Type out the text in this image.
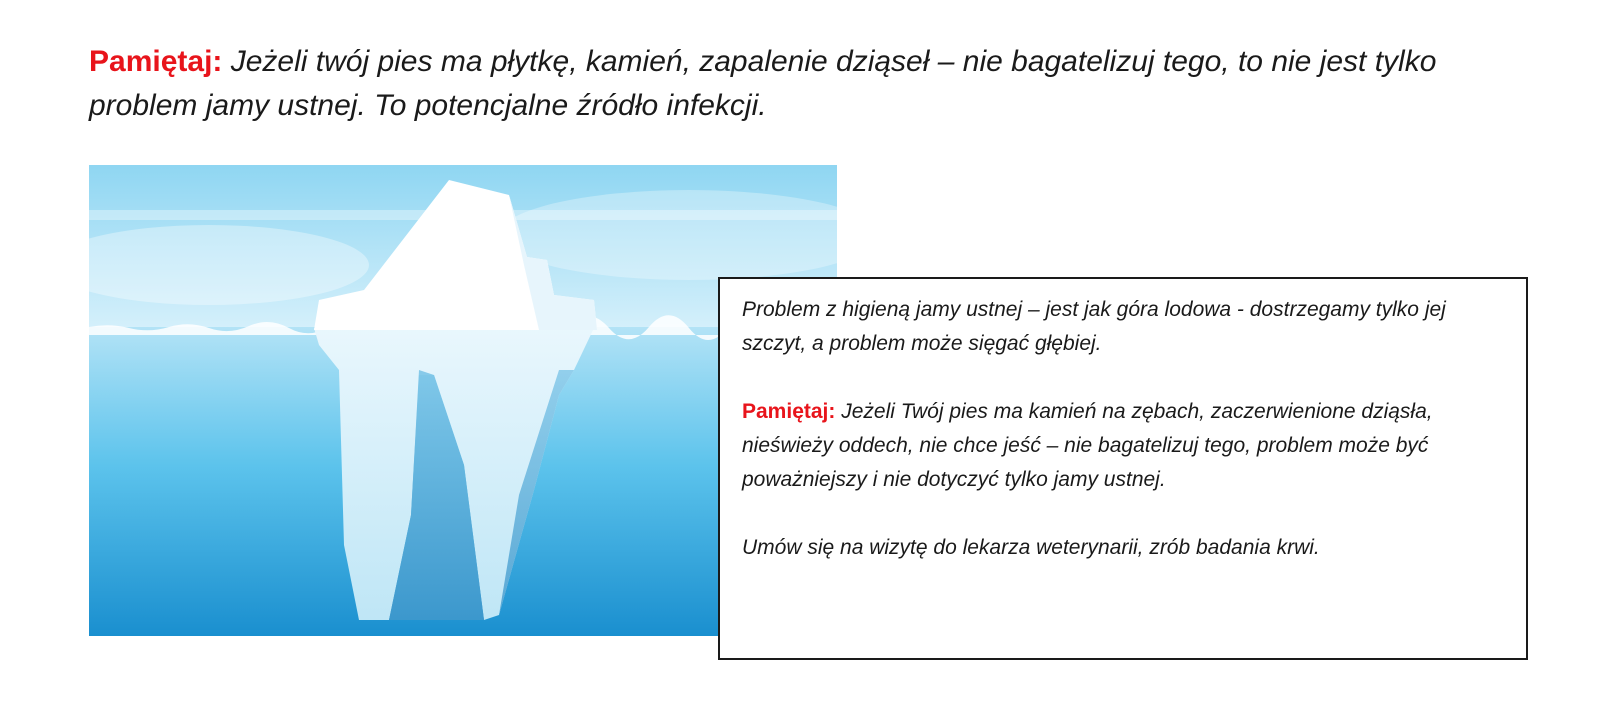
Pamiętaj: Jeżeli twój pies ma płytkę, kamień, zapalenie dziąseł – nie bagatelizuj tego, to nie jest tylko problem jamy ustnej. To potencjalne źródło infekcji.

Problem z higieną jamy ustnej – jest jak góra lodowa - dostrzegamy tylko jej szczyt, a problem może sięgać głębiej.

Pamiętaj: Jeżeli Twój pies ma kamień na zębach, zaczerwienione dziąsła, nieświeży oddech, nie chce jeść – nie bagatelizuj tego, problem może być poważniejszy i nie dotyczyć tylko jamy ustnej.

Umów się na wizytę do lekarza weterynarii, zrób badania krwi.
